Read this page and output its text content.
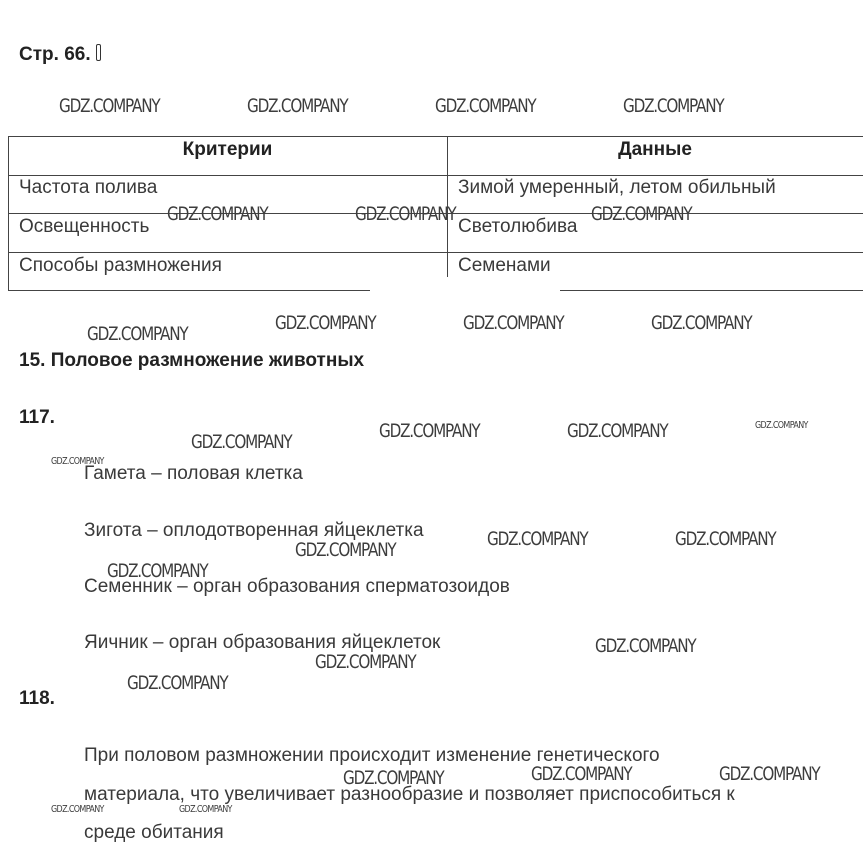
Стр. 66.
Критерии	Данные
Частота полива	Зимой умеренный, летом обильный
Освещенность	Светолюбива
Способы размножения	Семенами
15. Половое размножение животных
117.
Гамета – половая клетка
Зигота – оплодотворенная яйцеклетка
Семенник – орган образования сперматозоидов
Яичник – орган образования яйцеклеток
118.
При половом размножении происходит изменение генетического
материала, что увеличивает разнообразие и позволяет приспособиться к
среде обитания
GDZ.COMPANY	GDZ.COMPANY	GDZ.COMPANY	GDZ.COMPANY
GDZ.COMPANY	GDZ.COMPANY	GDZ.COMPANY
GDZ.COMPANY	GDZ.COMPANY	GDZ.COMPANY	GDZ.COMPANY
GDZ.COMPANY	GDZ.COMPANY	GDZ.COMPANY	GDZ.COMPANY
GDZ.COMPANY
GDZ.COMPANY	GDZ.COMPANY	GDZ.COMPANY
GDZ.COMPANY
GDZ.COMPANY
GDZ.COMPANY
GDZ.COMPANY
GDZ.COMPANY	GDZ.COMPANY	GDZ.COMPANY
GDZ.COMPANY	GDZ.COMPANY
